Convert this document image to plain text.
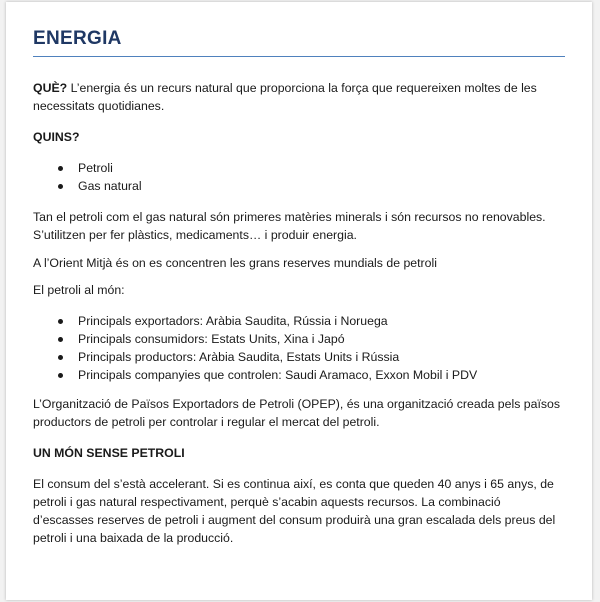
ENERGIA

QUÈ? L’energia és un recurs natural que proporciona la força que requereixen moltes de les necessitats quotidianes.

QUINS?

Petroli
Gas natural

Tan el petroli com el gas natural són primeres matèries minerals i són recursos no renovables. S’utilitzen per fer plàstics, medicaments… i produir energia.

A l’Orient Mitjà és on es concentren les grans reserves mundials de petroli

El petroli al món:

Principals exportadors: Aràbia Saudita, Rússia i Noruega
Principals consumidors: Estats Units, Xina i Japó
Principals productors: Aràbia Saudita, Estats Units i Rússia
Principals companyies que controlen: Saudi Aramaco, Exxon Mobil i PDV

L’Organització de Països Exportadors de Petroli (OPEP), és una organització creada pels països productors de petroli per controlar i regular el mercat del petroli.

UN MÓN SENSE PETROLI

El consum del s’està accelerant. Si es continua així, es conta que queden 40 anys i 65 anys, de petroli i gas natural respectivament, perquè s’acabin aquests recursos. La combinació d’escasses reserves de petroli i augment del consum produirà una gran escalada dels preus del petroli i una baixada de la producció.
